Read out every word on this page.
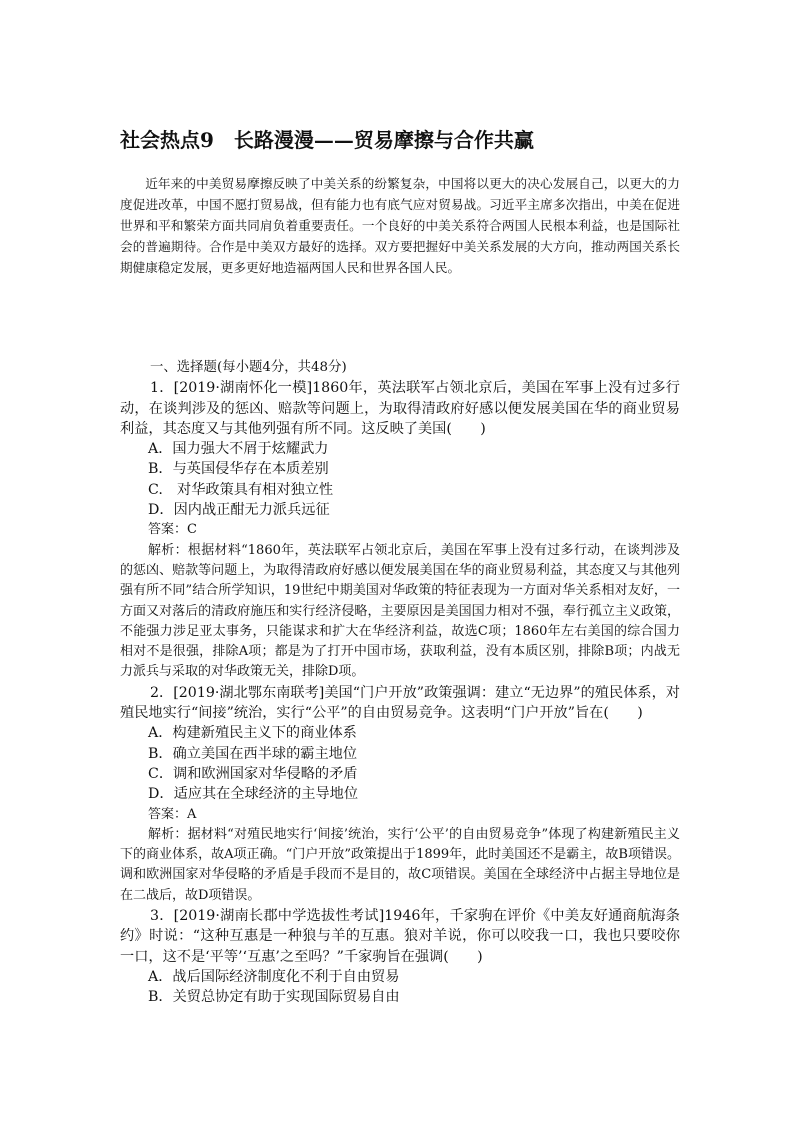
社会热点9　长路漫漫——贸易摩擦与合作共赢

近年来的中美贸易摩擦反映了中美关系的纷繁复杂，中国将以更大的决心发展自己，以更大的力度促进改革，中国不愿打贸易战，但有能力也有底气应对贸易战。习近平主席多次指出，中美在促进世界和平和繁荣方面共同肩负着重要责任。一个良好的中美关系符合两国人民根本利益，也是国际社会的普遍期待。合作是中美双方最好的选择。双方要把握好中美关系发展的大方向，推动两国关系长期健康稳定发展，更多更好地造福两国人民和世界各国人民。

一、选择题(每小题4分，共48分)

1．[2019·湖南怀化一模]1860年，英法联军占领北京后，美国在军事上没有过多行动，在谈判涉及的惩凶、赔款等问题上，为取得清政府好感以便发展美国在华的商业贸易利益，其态度又与其他列强有所不同。这反映了美国(　　)

A．国力强大不屑于炫耀武力

B．与英国侵华存在本质差别

C.　对华政策具有相对独立性

D．因内战正酣无力派兵远征

答案：C

解析：根据材料“1860年，英法联军占领北京后，美国在军事上没有过多行动，在谈判涉及的惩凶、赔款等问题上，为取得清政府好感以便发展美国在华的商业贸易利益，其态度又与其他列强有所不同”结合所学知识，19世纪中期美国对华政策的特征表现为一方面对华关系相对友好，一方面又对落后的清政府施压和实行经济侵略，主要原因是美国国力相对不强，奉行孤立主义政策，不能强力涉足亚太事务，只能谋求和扩大在华经济利益，故选C项；1860年左右美国的综合国力相对不是很强，排除A项；都是为了打开中国市场，获取利益，没有本质区别，排除B项；内战无力派兵与采取的对华政策无关，排除D项。

2．[2019·湖北鄂东南联考]美国“门户开放”政策强调：建立“无边界”的殖民体系，对殖民地实行“间接”统治，实行“公平”的自由贸易竞争。这表明“门户开放”旨在(　　)

A．构建新殖民主义下的商业体系

B．确立美国在西半球的霸主地位

C．调和欧洲国家对华侵略的矛盾

D．适应其在全球经济的主导地位

答案：A

解析：据材料“对殖民地实行‘间接’统治，实行‘公平’的自由贸易竞争”体现了构建新殖民主义下的商业体系，故A项正确。“门户开放”政策提出于1899年，此时美国还不是霸主，故B项错误。调和欧洲国家对华侵略的矛盾是手段而不是目的，故C项错误。美国在全球经济中占据主导地位是在二战后，故D项错误。

3．[2019·湖南长郡中学选拔性考试]1946年，千家驹在评价《中美友好通商航海条约》时说：“这种互惠是一种狼与羊的互惠。狼对羊说，你可以咬我一口，我也只要咬你一口，这不是‘平等’‘互惠’之至吗？”千家驹旨在强调(　　)

A．战后国际经济制度化不利于自由贸易

B．关贸总协定有助于实现国际贸易自由
